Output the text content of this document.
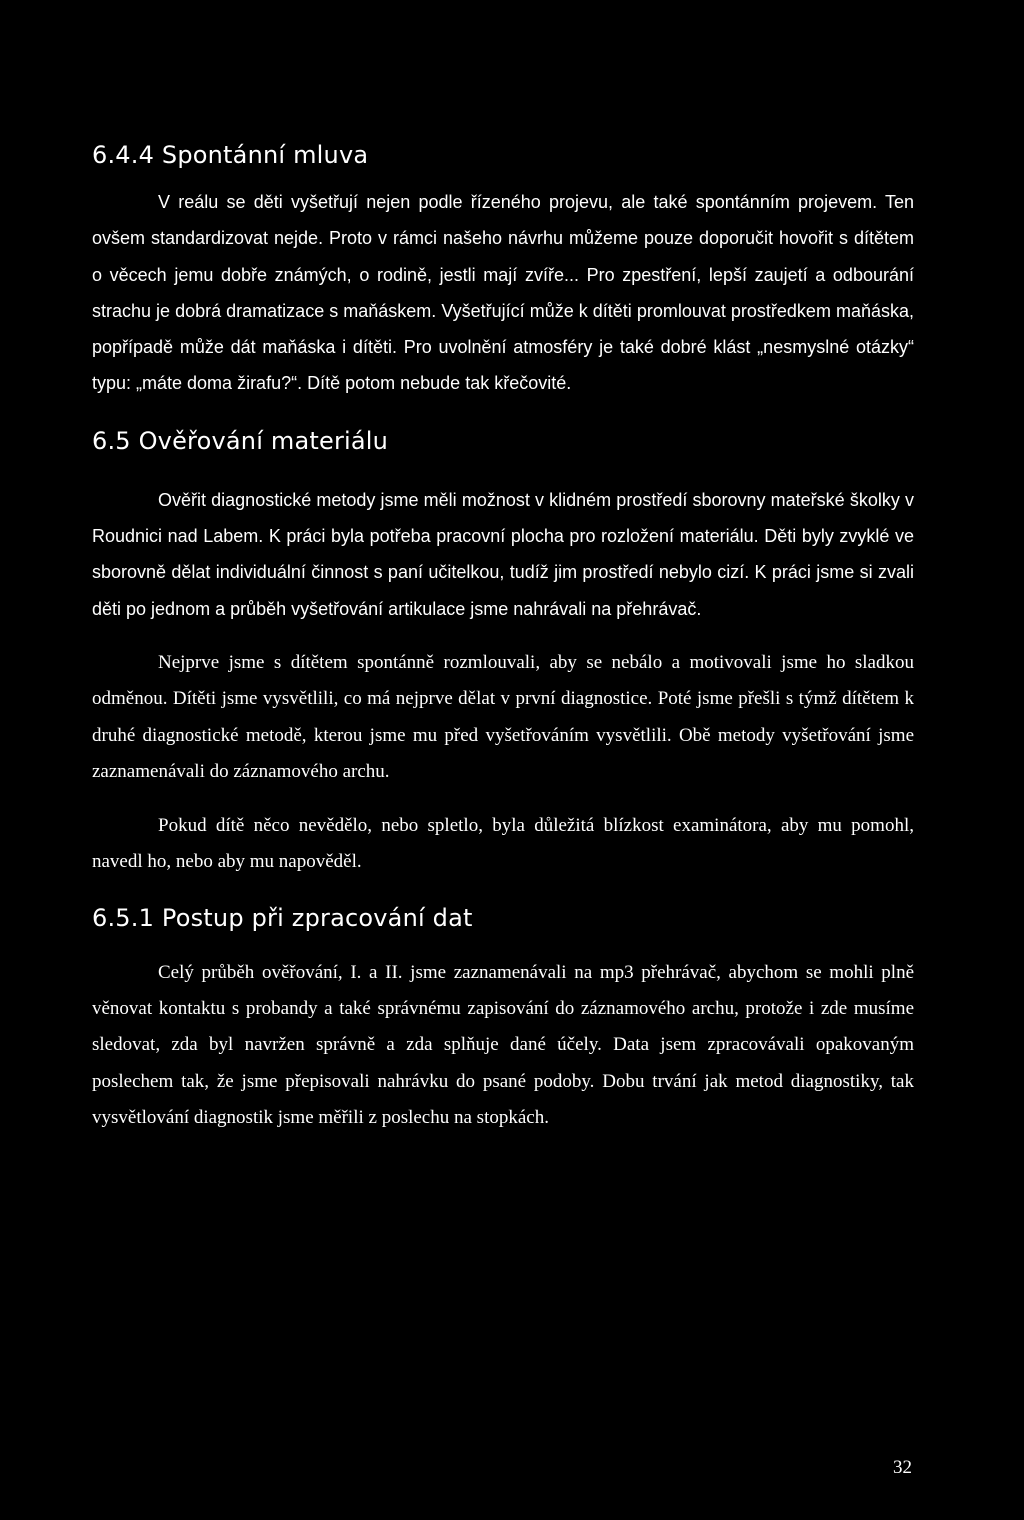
6.4.4 Spontánní mluva

V reálu se děti vyšetřují nejen podle řízeného projevu, ale také spontánním projevem. Ten ovšem standardizovat nejde. Proto v rámci našeho návrhu můžeme pouze doporučit hovořit s dítětem o věcech jemu dobře známých, o rodině, jestli mají zvíře... Pro zpestření, lepší zaujetí a odbourání strachu je dobrá dramatizace s maňáskem. Vyšetřující může k dítěti promlouvat prostředkem maňáska, popřípadě může dát maňáska i dítěti. Pro uvolnění atmosféry je také dobré klást „nesmyslné otázky“ typu: „máte doma žirafu?“. Dítě potom nebude tak křečovité.

6.5 Ověřování materiálu

Ověřit diagnostické metody jsme měli možnost v klidném prostředí sborovny mateřské školky v Roudnici nad Labem. K práci byla potřeba pracovní plocha pro rozložení materiálu. Děti byly zvyklé ve sborovně dělat individuální činnost s paní učitelkou, tudíž jim prostředí nebylo cizí. K práci jsme si zvali děti po jednom a průběh vyšetřování artikulace jsme nahrávali na přehrávač.

Nejprve jsme s dítětem spontánně rozmlouvali, aby se nebálo a motivovali jsme ho sladkou odměnou. Dítěti jsme vysvětlili, co má nejprve dělat v první diagnostice. Poté jsme přešli s týmž dítětem k druhé diagnostické metodě, kterou jsme mu před vyšetřováním vysvětlili. Obě metody vyšetřování jsme zaznamenávali do záznamového archu.

Pokud dítě něco nevědělo, nebo spletlo, byla důležitá blízkost examinátora, aby mu pomohl, navedl ho, nebo aby mu napověděl.

6.5.1 Postup při zpracování dat

Celý průběh ověřování, I. a II. jsme zaznamenávali na mp3 přehrávač, abychom se mohli plně věnovat kontaktu s probandy a také správnému zapisování do záznamového archu, protože i zde musíme sledovat, zda byl navržen správně a zda splňuje dané účely. Data jsem zpracovávali opakovaným poslechem tak, že jsme přepisovali nahrávku do psané podoby. Dobu trvání jak metod diagnostiky, tak vysvětlování diagnostik jsme měřili z poslechu na stopkách.

32
